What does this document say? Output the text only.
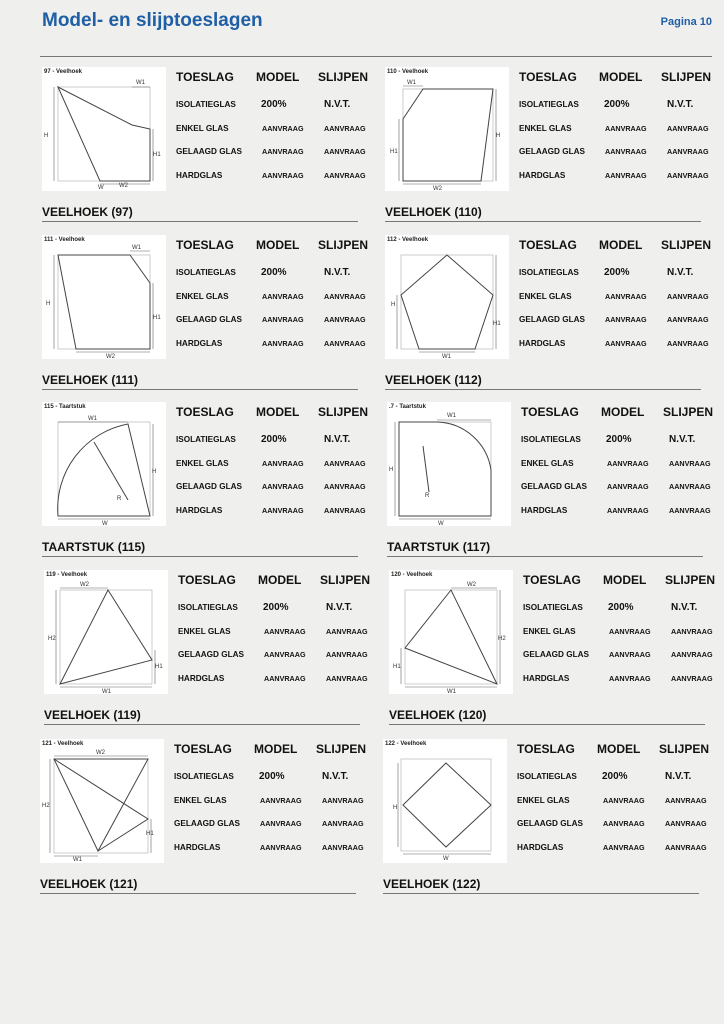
Model- en slijptoeslagen	Pagina 10
W1
H
H1
W2
W
97 - Veelhoek	TOESLAG MODEL SLIJPEN
ISOLATIEGLAS	200%	N.V.T.
ENKEL GLAS	AANVRAAG	AANVRAAG
GELAAGD GLAS	AANVRAAG	AANVRAAG
HARDGLAS	AANVRAAG	AANVRAAG
VEELHOEK (97)
W1
H1
H
W2
110 - Veelhoek	TOESLAG MODEL SLIJPEN
ISOLATIEGLAS	200%	N.V.T.
ENKEL GLAS	AANVRAAG	AANVRAAG
GELAAGD GLAS	AANVRAAG	AANVRAAG
HARDGLAS	AANVRAAG	AANVRAAG
VEELHOEK (110)
W1
H
H1
W2
111 - Veelhoek	TOESLAG MODEL SLIJPEN
ISOLATIEGLAS	200%	N.V.T.
ENKEL GLAS	AANVRAAG	AANVRAAG
GELAAGD GLAS	AANVRAAG	AANVRAAG
HARDGLAS	AANVRAAG	AANVRAAG
VEELHOEK (111)
H
H1
W1
112 - Veelhoek	TOESLAG MODEL SLIJPEN
ISOLATIEGLAS	200%	N.V.T.
ENKEL GLAS	AANVRAAG	AANVRAAG
GELAAGD GLAS	AANVRAAG	AANVRAAG
HARDGLAS	AANVRAAG	AANVRAAG
VEELHOEK (112)
W1
H
R
W
115 - Taartstuk	TOESLAG MODEL SLIJPEN
ISOLATIEGLAS	200%	N.V.T.
ENKEL GLAS	AANVRAAG	AANVRAAG
GELAAGD GLAS	AANVRAAG	AANVRAAG
HARDGLAS	AANVRAAG	AANVRAAG
TAARTSTUK (115)
W1
H
R
W
.7 - Taartstuk	TOESLAG MODEL SLIJPEN
ISOLATIEGLAS	200%	N.V.T.
ENKEL GLAS	AANVRAAG	AANVRAAG
GELAAGD GLAS	AANVRAAG	AANVRAAG
HARDGLAS	AANVRAAG	AANVRAAG
TAARTSTUK (117)
W2
H2
H1
W1
119 - Veelhoek	TOESLAG MODEL SLIJPEN
ISOLATIEGLAS	200%	N.V.T.
ENKEL GLAS	AANVRAAG	AANVRAAG
GELAAGD GLAS	AANVRAAG	AANVRAAG
HARDGLAS	AANVRAAG	AANVRAAG
VEELHOEK (119)
W2
H1
H2
W1
120 - Veelhoek	TOESLAG MODEL SLIJPEN
ISOLATIEGLAS	200%	N.V.T.
ENKEL GLAS	AANVRAAG	AANVRAAG
GELAAGD GLAS	AANVRAAG	AANVRAAG
HARDGLAS	AANVRAAG	AANVRAAG
VEELHOEK (120)
W2
H2
H1
W1
121 - Veelhoek	TOESLAG MODEL SLIJPEN
ISOLATIEGLAS	200%	N.V.T.
ENKEL GLAS	AANVRAAG	AANVRAAG
GELAAGD GLAS	AANVRAAG	AANVRAAG
HARDGLAS	AANVRAAG	AANVRAAG
VEELHOEK (121)
H
W
122 - Veelhoek	TOESLAG MODEL SLIJPEN
ISOLATIEGLAS	200%	N.V.T.
ENKEL GLAS	AANVRAAG	AANVRAAG
GELAAGD GLAS	AANVRAAG	AANVRAAG
HARDGLAS	AANVRAAG	AANVRAAG
VEELHOEK (122)
